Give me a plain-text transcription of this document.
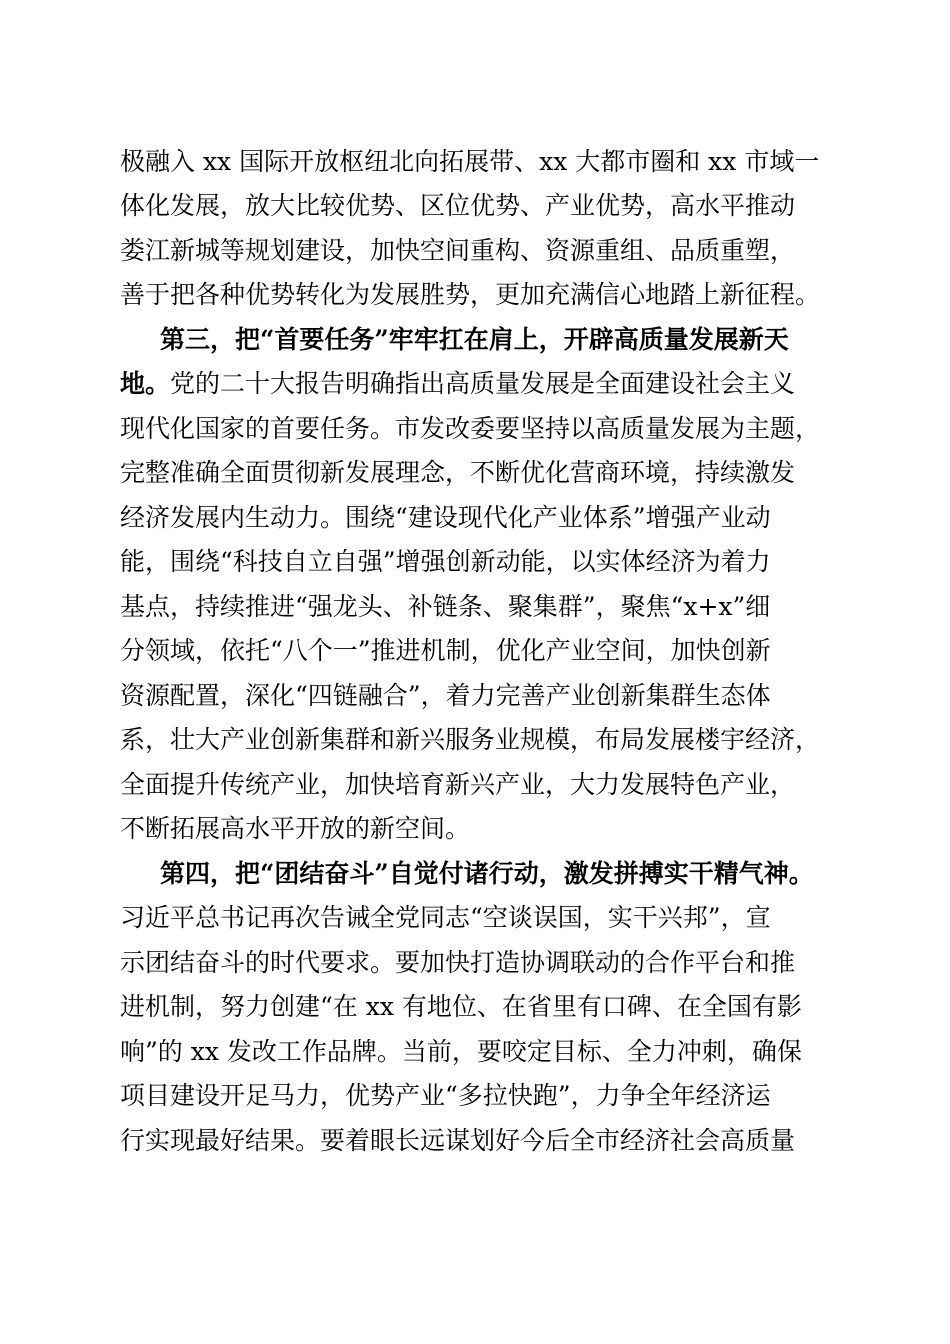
极融入 xx 国际开放枢纽北向拓展带、xx 大都市圈和 xx 市域一
体化发展，放大比较优势、区位优势、产业优势，高水平推动
娄江新城等规划建设，加快空间重构、资源重组、品质重塑，
善于把各种优势转化为发展胜势，更加充满信心地踏上新征程。
第三，把“首要任务”牢牢扛在肩上，开辟高质量发展新天
地。党的二十大报告明确指出高质量发展是全面建设社会主义
现代化国家的首要任务。市发改委要坚持以高质量发展为主题，
完整准确全面贯彻新发展理念，不断优化营商环境，持续激发
经济发展内生动力。围绕“建设现代化产业体系”增强产业动
能，围绕“科技自立自强”增强创新动能，以实体经济为着力
基点，持续推进“强龙头、补链条、聚集群”，聚焦“x+x”细
分领域，依托“八个一”推进机制，优化产业空间，加快创新
资源配置，深化“四链融合”，着力完善产业创新集群生态体
系，壮大产业创新集群和新兴服务业规模，布局发展楼宇经济，
全面提升传统产业，加快培育新兴产业，大力发展特色产业，
不断拓展高水平开放的新空间。
第四，把“团结奋斗”自觉付诸行动，激发拼搏实干精气神。
习近平总书记再次告诫全党同志“空谈误国，实干兴邦”，宣
示团结奋斗的时代要求。要加快打造协调联动的合作平台和推
进机制，努力创建“在 xx 有地位、在省里有口碑、在全国有影
响”的 xx 发改工作品牌。当前，要咬定目标、全力冲刺，确保
项目建设开足马力，优势产业“多拉快跑”，力争全年经济运
行实现最好结果。要着眼长远谋划好今后全市经济社会高质量
